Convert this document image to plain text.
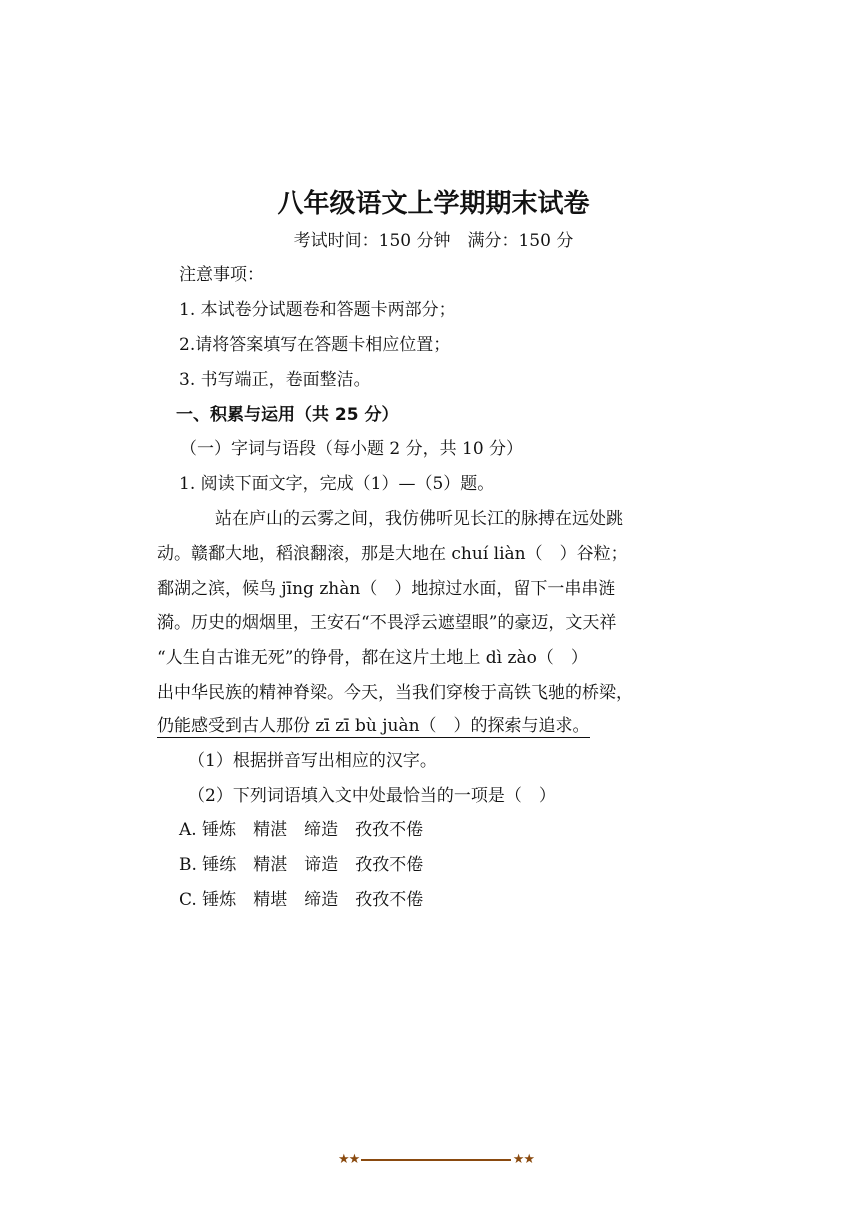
八年级语文上学期期末试卷
考试时间：150 分钟　满分：150 分
注意事项：
1. 本试卷分试题卷和答题卡两部分；
2.请将答案填写在答题卡相应位置；
3. 书写端正，卷面整洁。
一、积累与运用（共 25 分）
（一）字词与语段（每小题 2 分，共 10 分）
1. 阅读下面文字，完成（1）—（5）题。
站在庐山的云雾之间，我仿佛听见长江的脉搏在远处跳
动。赣鄱大地，稻浪翻滚，那是大地在 chuí liàn（　）谷粒；
鄱湖之滨，候鸟 jīng zhàn（　）地掠过水面，留下一串串涟
漪。历史的烟烟里，王安石“不畏浮云遮望眼”的豪迈，文天祥
“人生自古谁无死”的铮骨，都在这片土地上 dì zào（　）
出中华民族的精神脊梁。今天，当我们穿梭于高铁飞驰的桥梁，
仍能感受到古人那份 zī zī bù juàn（　）的探索与追求。
（1）根据拼音写出相应的汉字。
（2）下列词语填入文中处最恰当的一项是（　）
A. 锤炼　精湛　缔造　孜孜不倦
B. 锤练　精湛　谛造　孜孜不倦
C. 锤炼　精堪　缔造　孜孜不倦
★★	★★
